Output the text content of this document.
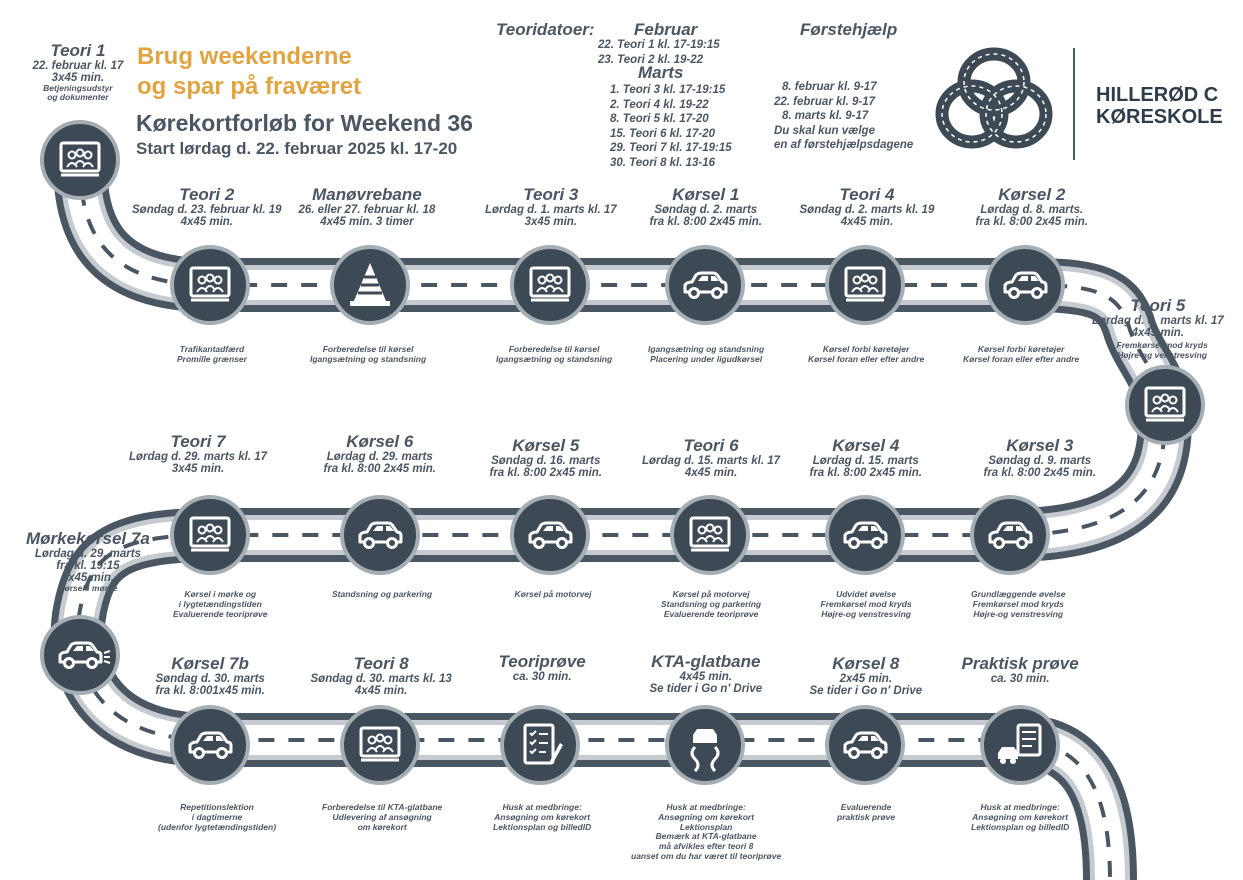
Brug weekenderne
og spar på fraværet
Kørekortforløb for Weekend 36
Start lørdag d. 22. februar 2025 kl. 17-20
Teoridatoer: Februar
22. Teori 1 kl. 17-19:15
23. Teori 2 kl. 19-22
Marts
1. Teori 3 kl. 17-19:15
2. Teori 4 kl. 19-22
8. Teori 5 kl. 17-20
15. Teori 6 kl. 17-20
29. Teori 7 kl. 17-19:15
30. Teori 8 kl. 13-16
Førstehjælp
8. februar kl. 9-17
22. februar kl. 9-17
8. marts kl. 9-17
Du skal kun vælge
en af førstehjælpsdagene
HILLERØD C
KØRESKOLE
Teori 1
22. februar kl. 17
3x45 min.
Betjeningsudstyr
og dokumenter
Teori 2
Søndag d. 23. februar kl. 19
4x45 min.
Trafikantadfærd
Promille grænser
Manøvrebane
26. eller 27. februar kl. 18
4x45 min. 3 timer
Forberedelse til kørsel
Igangsætning og standsning
Teori 3
Lørdag d. 1. marts kl. 17
3x45 min.
Forberedelse til kørsel
Igangsætning og standsning
Kørsel 1
Søndag d. 2. marts
fra kl. 8:00 2x45 min.
Igangsætning og standsning
Placering under ligudkørsel
Teori 4
Søndag d. 2. marts kl. 19
4x45 min.
Kørsel forbi køretøjer
Kørsel foran eller efter andre
Kørsel 2
Lørdag d. 8. marts.
fra kl. 8:00 2x45 min.
Kørsel forbi køretøjer
Kørsel foran eller efter andre
Teori 5
Lørdag d. 8. marts kl. 17
4x45 min.
Fremkørsel mod kryds
Højre-og venstresving
Kørsel 3
Søndag d. 9. marts
fra kl. 8:00 2x45 min.
Grundlæggende øvelse
Fremkørsel mod kryds
Højre-og venstresving
Kørsel 4
Lørdag d. 15. marts
fra kl. 8:00 2x45 min.
Udvidet øvelse
Fremkørsel mod kryds
Højre-og venstresving
Teori 6
Lørdag d. 15. marts kl. 17
4x45 min.
Kørsel på motorvej
Standsning og parkering
Evaluerende teoriprøve
Kørsel 5
Søndag d. 16. marts
fra kl. 8:00 2x45 min.
Kørsel på motorvej
Kørsel 6
Lørdag d. 29. marts
fra kl. 8:00 2x45 min.
Standsning og parkering
Teori 7
Lørdag d. 29. marts kl. 17
3x45 min.
Kørsel i mørke og
i lygtetændingstiden
Evaluerende teoriprøve
Mørkekørsel 7a
Lørdag d. 29. marts
fra kl. 19:15
1x45 min.
Kørsel i mørke
Kørsel 7b
Søndag d. 30. marts
fra kl. 8:001x45 min.
Repetitionslektion
i dagtimerne
(udenfor lygtetændingstiden)
Teori 8
Søndag d. 30. marts kl. 13
4x45 min.
Forberedelse til KTA-glatbane
Udlevering af ansøgning
om kørekort
Teoriprøve
ca. 30 min.
Husk at medbringe:
Ansøgning om kørekort
Lektionsplan og billedID
KTA-glatbane
4x45 min.
Se tider i Go n' Drive
Husk at medbringe:
Ansøgning om kørekort
Lektionsplan
Bemærk at KTA-glatbane
må afvikles efter teori 8
uanset om du har været til teoriprøve
Kørsel 8
2x45 min.
Se tider i Go n' Drive
Evaluerende
praktisk prøve
Praktisk prøve
ca. 30 min.
Husk at medbringe:
Ansøgning om kørekort
Lektionsplan og billedID
